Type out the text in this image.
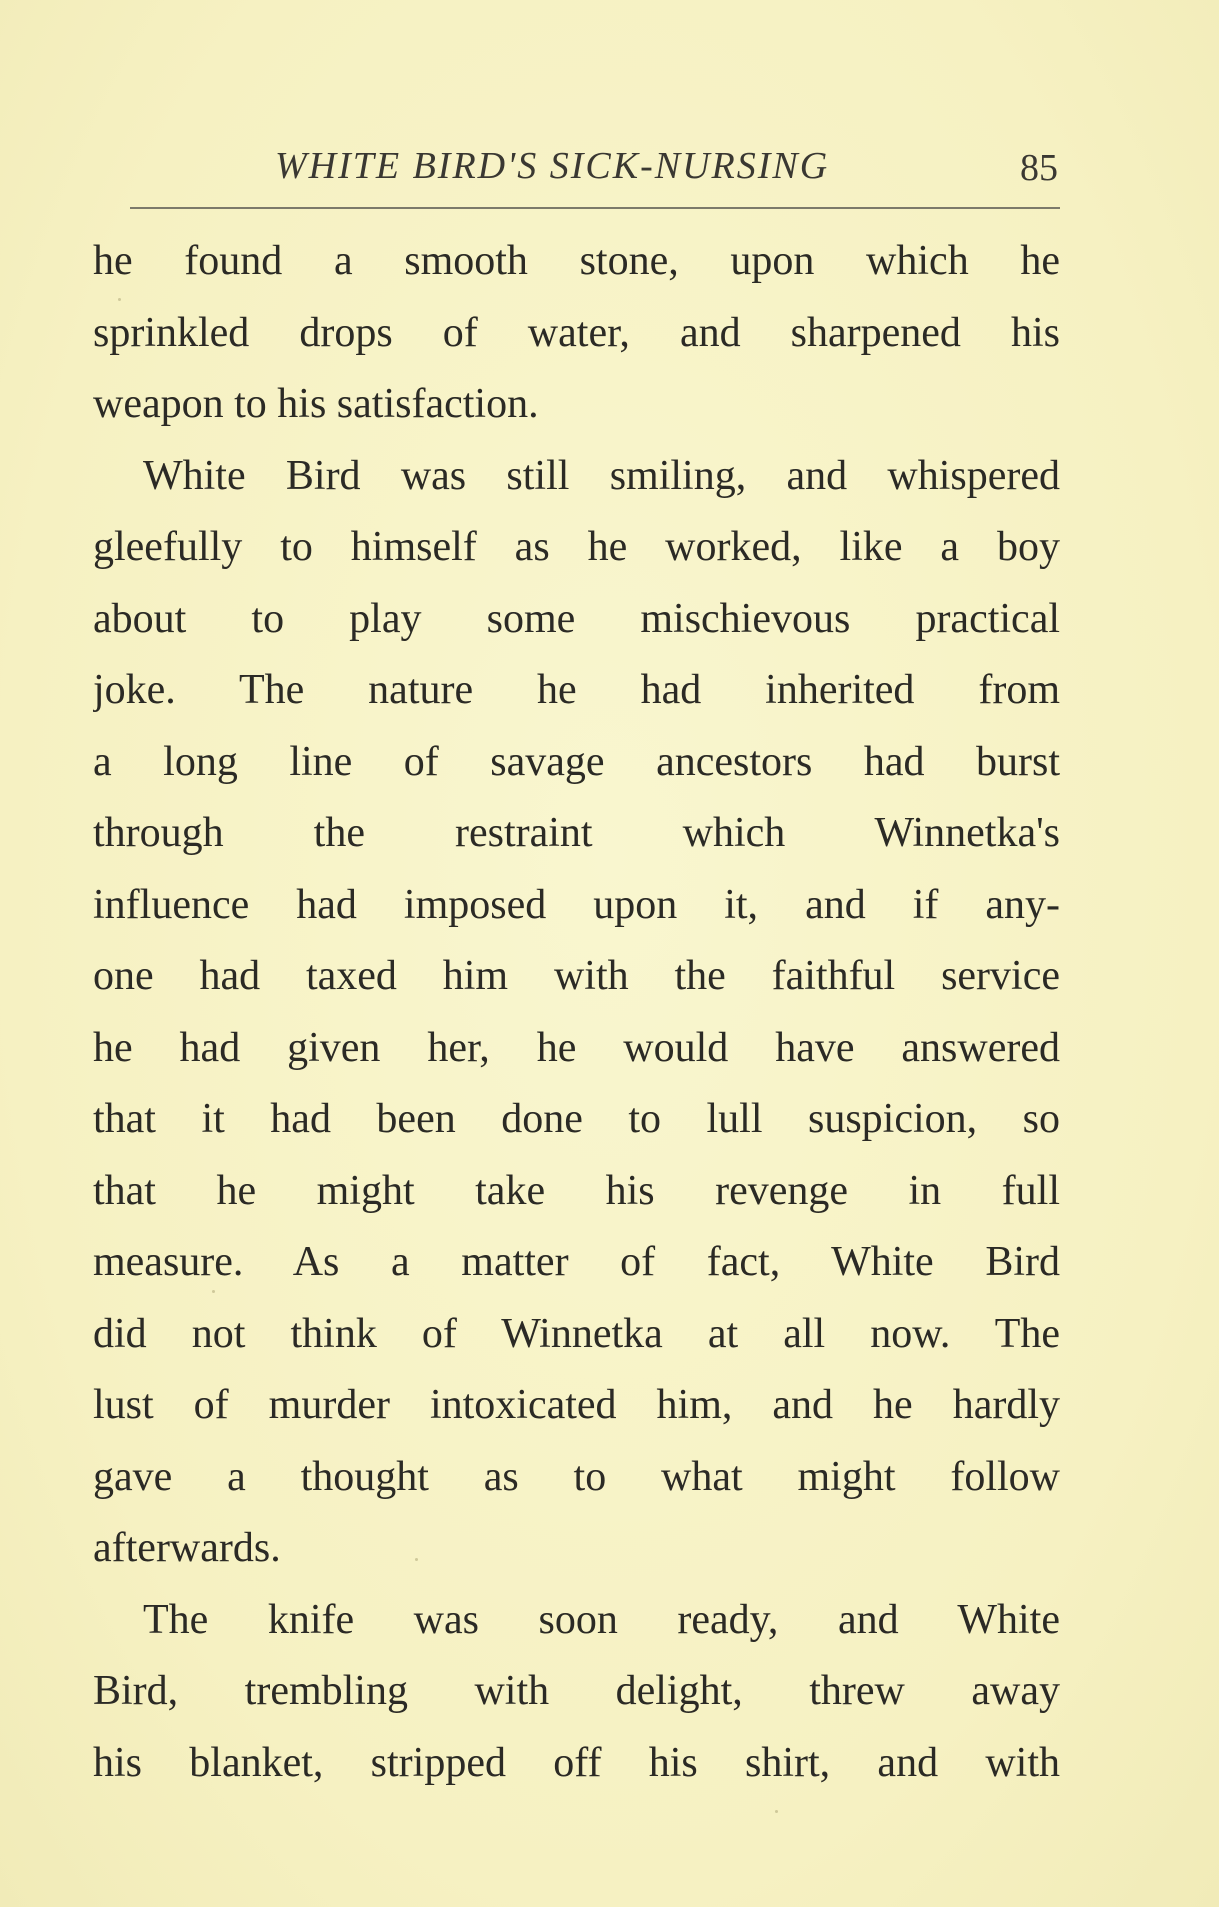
WHITE BIRD'S SICK-NURSING	85
he found a smooth stone, upon which he
sprinkled drops of water, and sharpened his
weapon to his satisfaction.
White Bird was still smiling, and whispered
gleefully to himself as he worked, like a boy
about to play some mischievous practical
joke. The nature he had inherited from
a long line of savage ancestors had burst
through the restraint which Winnetka's
influence had imposed upon it, and if any-
one had taxed him with the faithful service
he had given her, he would have answered
that it had been done to lull suspicion, so
that he might take his revenge in full
measure. As a matter of fact, White Bird
did not think of Winnetka at all now. The
lust of murder intoxicated him, and he hardly
gave a thought as to what might follow
afterwards.
The knife was soon ready, and White
Bird, trembling with delight, threw away
his blanket, stripped off his shirt, and with
